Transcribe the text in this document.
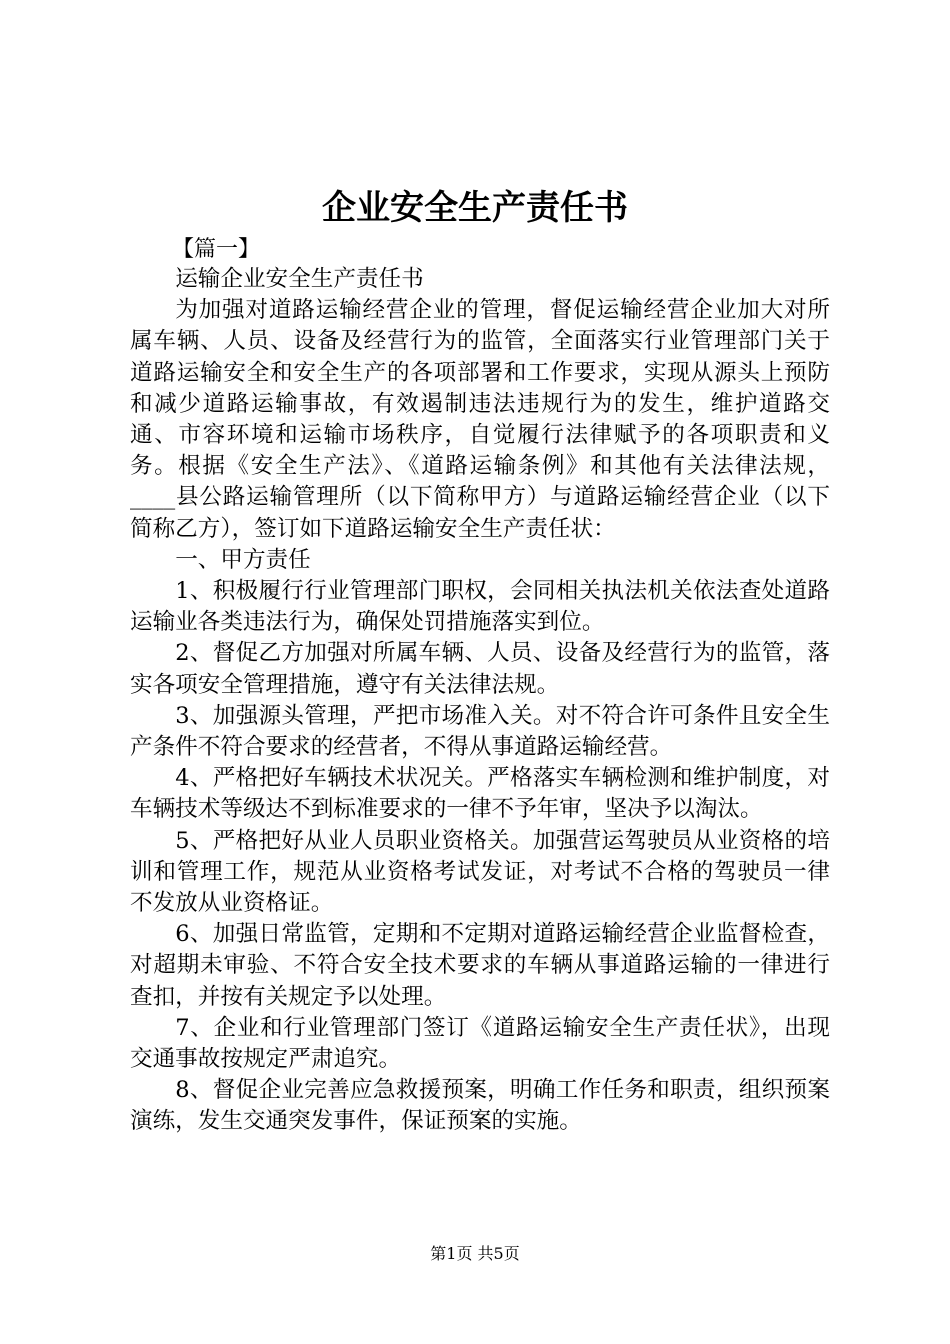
企业安全生产责任书

【篇一】

运输企业安全生产责任书

为加强对道路运输经营企业的管理，督促运输经营企业加大对所属车辆、人员、设备及经营行为的监管，全面落实行业管理部门关于道路运输安全和安全生产的各项部署和工作要求，实现从源头上预防和减少道路运输事故，有效遏制违法违规行为的发生，维护道路交通、市容环境和运输市场秩序，自觉履行法律赋予的各项职责和义务。根据《安全生产法》、《道路运输条例》和其他有关法律法规，____县公路运输管理所（以下简称甲方）与道路运输经营企业（以下简称乙方），签订如下道路运输安全生产责任状：

一、甲方责任

1、积极履行行业管理部门职权，会同相关执法机关依法查处道路运输业各类违法行为，确保处罚措施落实到位。

2、督促乙方加强对所属车辆、人员、设备及经营行为的监管，落实各项安全管理措施，遵守有关法律法规。

3、加强源头管理，严把市场准入关。对不符合许可条件且安全生产条件不符合要求的经营者，不得从事道路运输经营。

4、严格把好车辆技术状况关。严格落实车辆检测和维护制度，对车辆技术等级达不到标准要求的一律不予年审，坚决予以淘汰。

5、严格把好从业人员职业资格关。加强营运驾驶员从业资格的培训和管理工作，规范从业资格考试发证，对考试不合格的驾驶员一律不发放从业资格证。

6、加强日常监管，定期和不定期对道路运输经营企业监督检查，对超期未审验、不符合安全技术要求的车辆从事道路运输的一律进行查扣，并按有关规定予以处理。

7、企业和行业管理部门签订《道路运输安全生产责任状》，出现交通事故按规定严肃追究。

8、督促企业完善应急救援预案，明确工作任务和职责，组织预案演练，发生交通突发事件，保证预案的实施。

第1页 共5页
